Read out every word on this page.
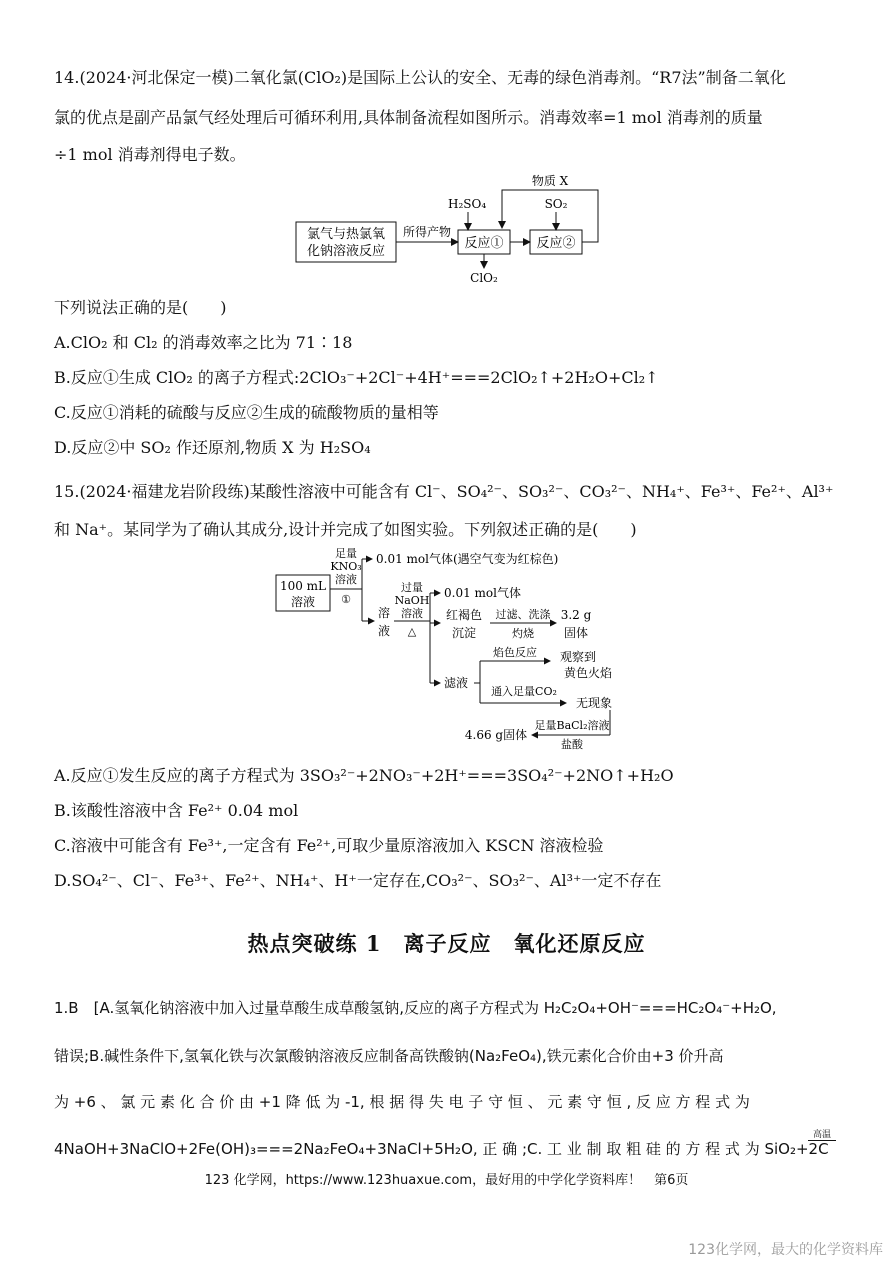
14.(2024·河北保定一模)二氧化氯(ClO₂)是国际上公认的安全、无毒的绿色消毒剂。“R7法”制备二氧化
氯的优点是副产品氯气经处理后可循环利用,具体制备流程如图所示。消毒效率=1 mol 消毒剂的质量
÷1 mol 消毒剂得电子数。
氯气与热氯氧
化钠溶液反应
所得产物
H₂SO₄
反应①
ClO₂
反应②
SO₂
物质 X
下列说法正确的是(　　)
A.ClO₂ 和 Cl₂ 的消毒效率之比为 71∶18
B.反应①生成 ClO₂ 的离子方程式:2ClO₃⁻+2Cl⁻+4H⁺===2ClO₂↑+2H₂O+Cl₂↑
C.反应①消耗的硫酸与反应②生成的硫酸物质的量相等
D.反应②中 SO₂ 作还原剂,物质 X 为 H₂SO₄
15.(2024·福建龙岩阶段练)某酸性溶液中可能含有 Cl⁻、SO₄²⁻、SO₃²⁻、CO₃²⁻、NH₄⁺、Fe³⁺、Fe²⁺、Al³⁺
和 Na⁺。某同学为了确认其成分,设计并完成了如图实验。下列叙述正确的是(　　)
100 mL
溶液
足量
KNO₃
溶液
①
0.01 mol气体(遇空气变为红棕色)
溶
液
过量
NaOH
溶液
△
0.01 mol气体
红褐色
沉淀
过滤、洗涤
灼烧
3.2 g
固体
滤液
焰色反应 观察到
黄色火焰
通入足量CO₂
无现象
足量BaCl₂溶液
盐酸
4.66 g固体
A.反应①发生反应的离子方程式为 3SO₃²⁻+2NO₃⁻+2H⁺===3SO₄²⁻+2NO↑+H₂O
B.该酸性溶液中含 Fe²⁺ 0.04 mol
C.溶液中可能含有 Fe³⁺,一定含有 Fe²⁺,可取少量原溶液加入 KSCN 溶液检验
D.SO₄²⁻、Cl⁻、Fe³⁺、Fe²⁺、NH₄⁺、H⁺一定存在,CO₃²⁻、SO₃²⁻、Al³⁺一定不存在
热点突破练 1　离子反应　氧化还原反应
1.B　[A.氢氧化钠溶液中加入过量草酸生成草酸氢钠,反应的离子方程式为 H₂C₂O₄+OH⁻===HC₂O₄⁻+H₂O,
错误;B.碱性条件下,氢氧化铁与次氯酸钠溶液反应制备高铁酸钠(Na₂FeO₄),铁元素化合价由+3 价升高
为 +6 、 氯 元 素 化 合 价 由 +1 降 低 为 -1, 根 据 得 失 电 子 守 恒 、 元 素 守 恒 , 反 应 方 程 式 为
4NaOH+3NaClO+2Fe(OH)₃===2Na₂FeO₄+3NaCl+5H₂O, 正 确 ;C. 工 业 制 取 粗 硅 的 方 程 式 为 SiO₂+2C
高温
123 化学网，https://www.123huaxue.com，最好用的中学化学资料库！　第6页
123化学网，最大的化学资料库
